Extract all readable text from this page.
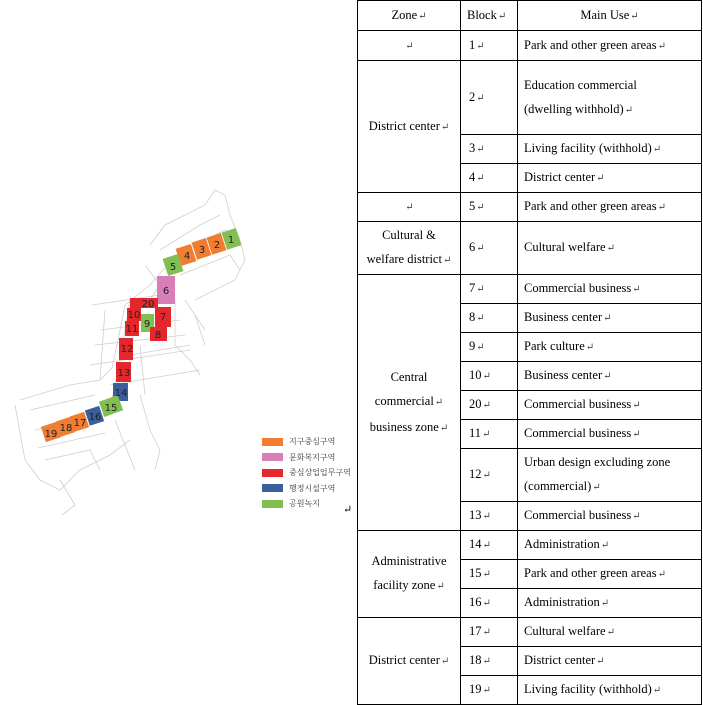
1
2
3
4
5
6
20
7
10
9
8
11
12
13
14
15
16
17
18
19
지구중심구역
문화복지구역
중심상업업무구역
행정시설구역
공원녹지
↵
Zone↵	Block↵	Main Use↵
↵	1↵	Park and other green areas↵
District center↵	2↵	Education commercial
(dwelling withhold)↵
	3↵	Living facility (withhold)↵
	4↵	District center↵
↵	5↵	Park and other green areas↵
Cultural &
welfare district↵	6↵	Cultural welfare↵
Central
commercial↵
business zone↵	7↵	Commercial business↵
	8↵	Business center↵
	9↵	Park culture↵
	10↵	Business center↵
	20↵	Commercial business↵
	11↵	Commercial business↵
	12↵	Urban design excluding zone
(commercial)↵
	13↵	Commercial business↵
Administrative
facility zone↵	14↵	Administration↵
	15↵	Park and other green areas↵
	16↵	Administration↵
District center↵	17↵	Cultural welfare↵
	18↵	District center↵
	19↵	Living facility (withhold)↵
